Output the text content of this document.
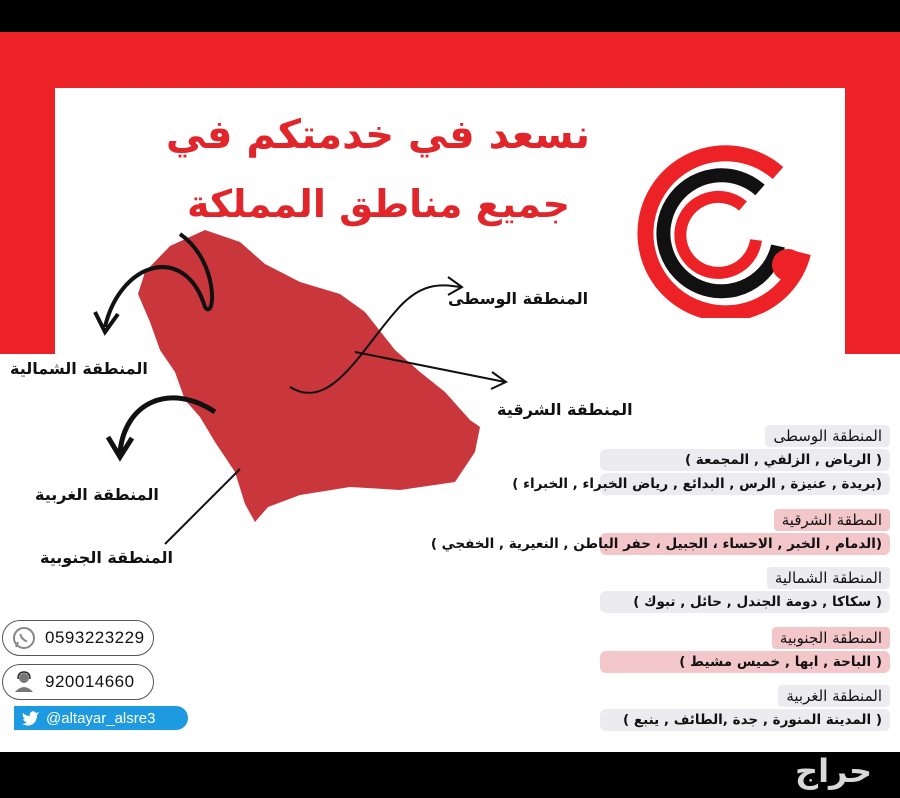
نسعد في خدمتكم في
جميع مناطق المملكة
المنطقة الوسطى
المنطقة الشرقية
المنطقة الشمالية
المنطقة الغربية
المنطقة الجنوبية
المنطقة الوسطى
( الرياض , الزلفي , المجمعة )
(بريدة , عنيزة , الرس , البدائع , رياض الخبراء , الخبراء )
المطقة الشرقية
(الدمام , الخبر , الاحساء ، الجبيل ، حفر الباطن , النعيرية , الخفجي )
المنطقة الشمالية
( سكاكا , دومة الجندل , حائل , تبوك )
المنطقة الجنوبية
( الباحة , ابها , خميس مشيط )
المنطقة الغربية
( المدينة المنورة , جدة ,الطائف , ينبع )
0593223229
920014660
@altayar_alsre3
حراج
